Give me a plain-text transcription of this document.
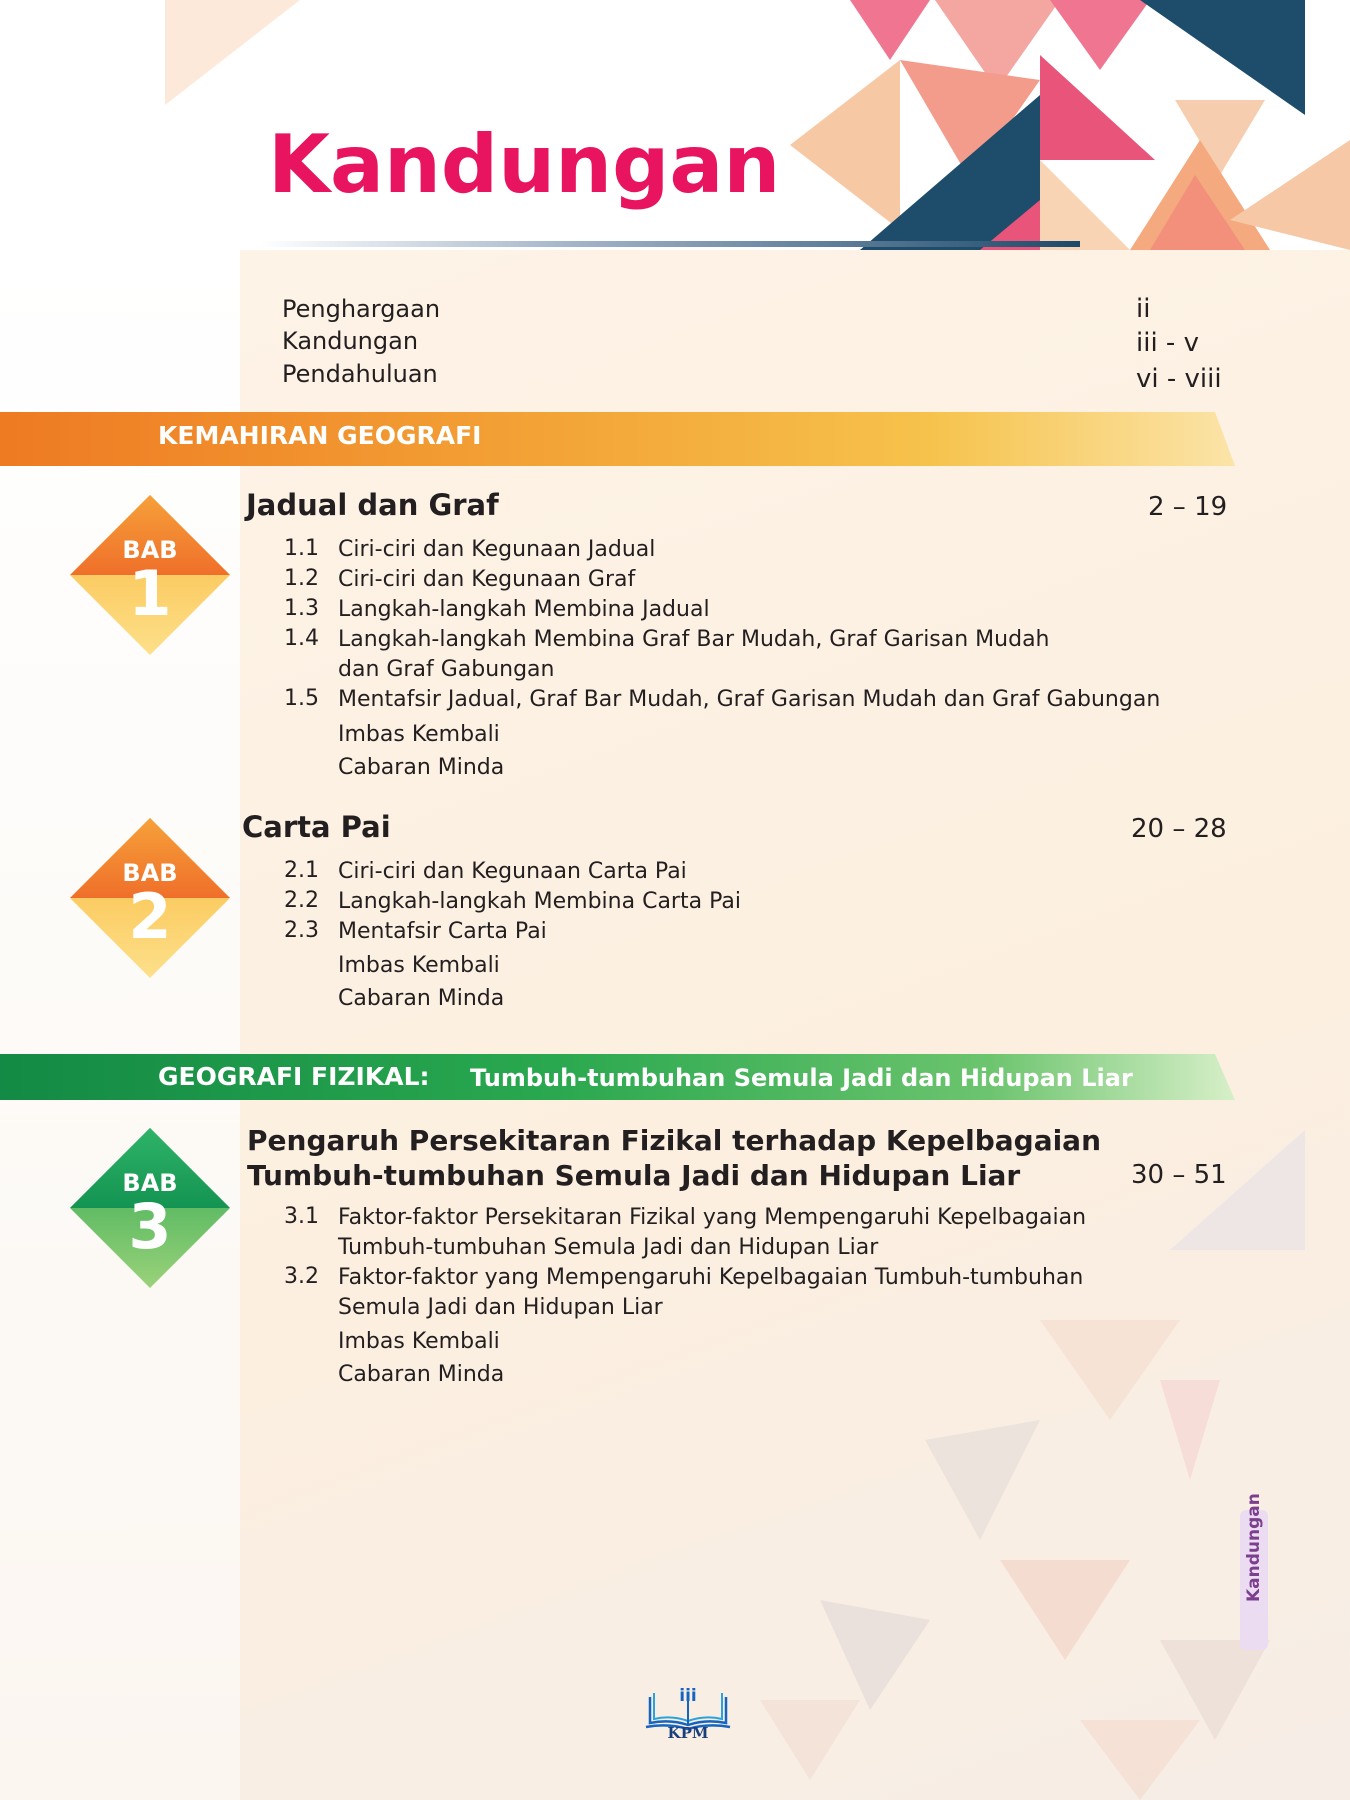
Kandungan
Penghargaan	ii
Kandungan	iii - v
Pendahuluan	vi - viii
KEMAHIRAN GEOGRAFI
GEOGRAFI FIZIKAL: Tumbuh-tumbuhan Semula Jadi dan Hidupan Liar
BAB
1
BAB
2
BAB
3
Jadual dan Graf	2 – 19
1.1 Ciri-ciri dan Kegunaan Jadual
1.2 Ciri-ciri dan Kegunaan Graf
1.3 Langkah-langkah Membina Jadual
1.4 Langkah-langkah Membina Graf Bar Mudah, Graf Garisan Mudah
dan Graf Gabungan
1.5 Mentafsir Jadual, Graf Bar Mudah, Graf Garisan Mudah dan Graf Gabungan
Imbas Kembali
Cabaran Minda
Carta Pai	20 – 28
2.1 Ciri-ciri dan Kegunaan Carta Pai
2.2 Langkah-langkah Membina Carta Pai
2.3 Mentafsir Carta Pai
Imbas Kembali
Cabaran Minda
Pengaruh Persekitaran Fizikal terhadap Kepelbagaian
Tumbuh-tumbuhan Semula Jadi dan Hidupan Liar	30 – 51
3.1 Faktor-faktor Persekitaran Fizikal yang Mempengaruhi Kepelbagaian
Tumbuh-tumbuhan Semula Jadi dan Hidupan Liar
3.2 Faktor-faktor yang Mempengaruhi Kepelbagaian Tumbuh-tumbuhan
Semula Jadi dan Hidupan Liar
Imbas Kembali
Cabaran Minda
iii
KPM
